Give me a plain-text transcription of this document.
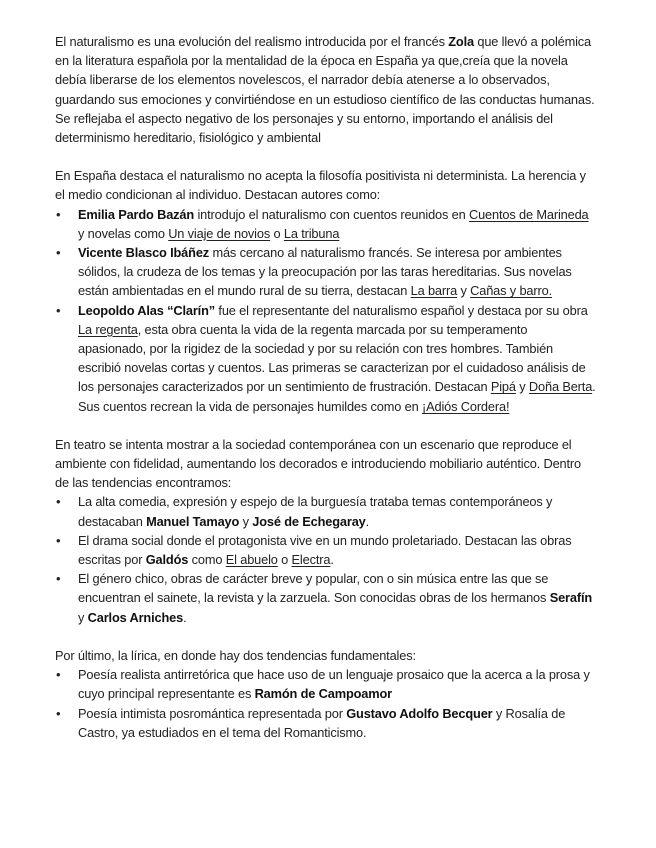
El naturalismo es una evolución del realismo introducida por el francés Zola que llevó a polémica en la literatura española por la mentalidad de la época en España ya que,creía que la novela debía liberarse de los elementos novelescos, el narrador debía atenerse a lo observados, guardando sus emociones y convirtiéndose en un estudioso científico de las conductas humanas. Se reflejaba el aspecto negativo de los personajes y su entorno, importando el análisis del determinismo hereditario, fisiológico y ambiental

En España destaca el naturalismo no acepta la filosofía positivista ni determinista. La herencia y el medio condicionan al individuo. Destacan autores como:

• Emilia Pardo Bazán introdujo el naturalismo con cuentos reunidos en Cuentos de Marineda y novelas como Un viaje de novios o La tribuna
• Vicente Blasco Ibáñez más cercano al naturalismo francés. Se interesa por ambientes sólidos, la crudeza de los temas y la preocupación por las taras hereditarias. Sus novelas están ambientadas en el mundo rural de su tierra, destacan La barra y Cañas y barro.
• Leopoldo Alas “Clarín” fue el representante del naturalismo español y destaca por su obra La regenta, esta obra cuenta la vida de la regenta marcada por su temperamento apasionado, por la rigidez de la sociedad y por su relación con tres hombres. También escribió novelas cortas y cuentos. Las primeras se caracterizan por el cuidadoso análisis de los personajes caracterizados por un sentimiento de frustración. Destacan Pipá y Doña Berta. Sus cuentos recrean la vida de personajes humildes como en ¡Adiós Cordera!

En teatro se intenta mostrar a la sociedad contemporánea con un escenario que reproduce el ambiente con fidelidad, aumentando los decorados e introduciendo mobiliario auténtico. Dentro de las tendencias encontramos:

• La alta comedia, expresión y espejo de la burguesía trataba temas contemporáneos y destacaban Manuel Tamayo y José de Echegaray.
• El drama social donde el protagonista vive en un mundo proletariado. Destacan las obras escritas por Galdós como El abuelo o Electra.
• El género chico, obras de carácter breve y popular, con o sin música entre las que se encuentran el sainete, la revista y la zarzuela. Son conocidas obras de los hermanos Serafín y Carlos Arniches.

Por último, la lírica, en donde hay dos tendencias fundamentales:

• Poesía realista antirretórica que hace uso de un lenguaje prosaico que la acerca a la prosa y cuyo principal representante es Ramón de Campoamor
• Poesía intimista posromántica representada por Gustavo Adolfo Becquer y Rosalía de Castro, ya estudiados en el tema del Romanticismo.
